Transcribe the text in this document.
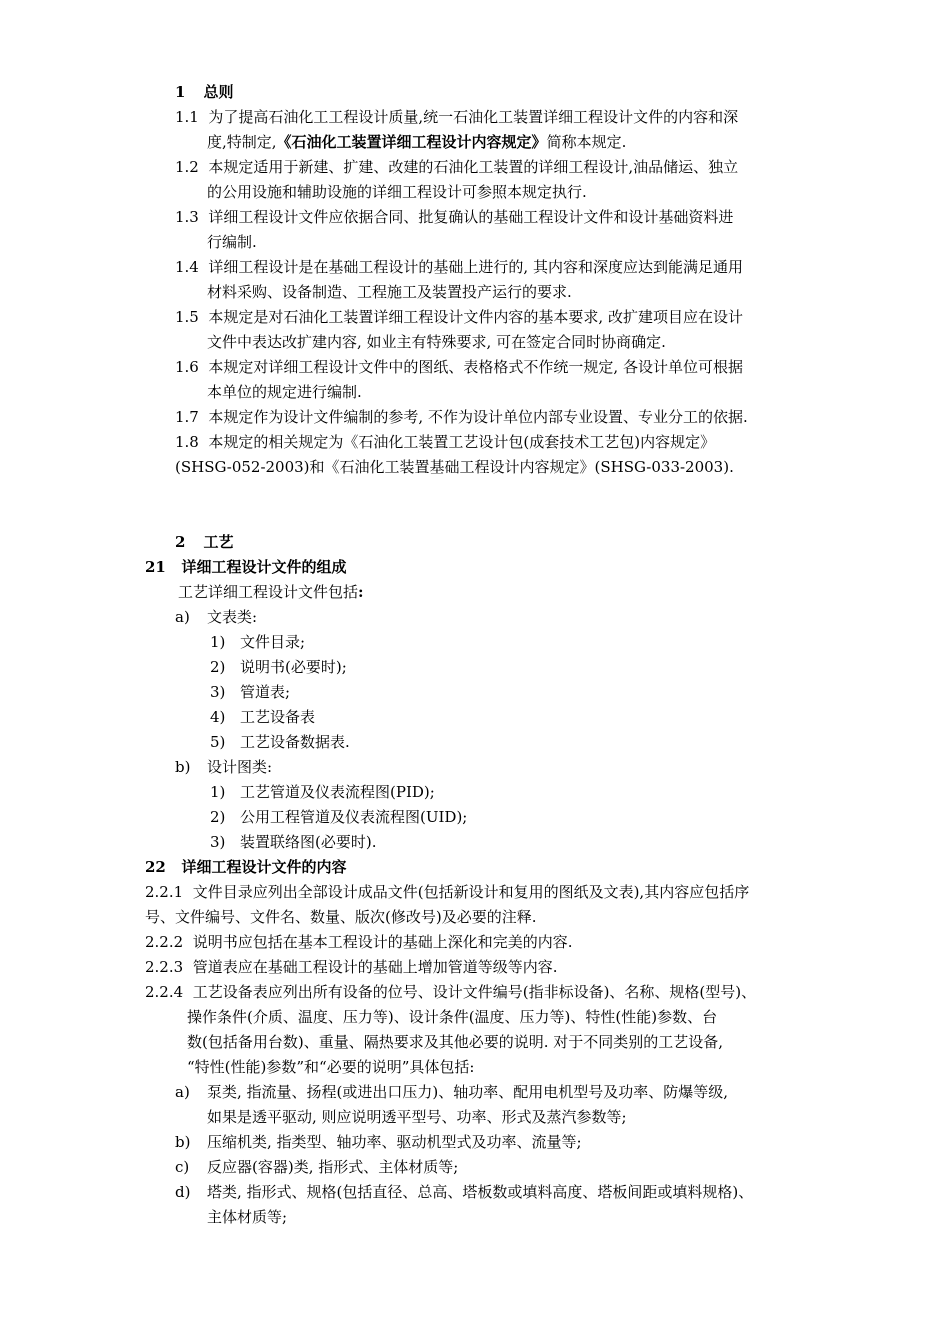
1 总则
1.1 为了提高石油化工工程设计质量,统一石油化工装置详细工程设计文件的内容和深
度,特制定,《石油化工装置详细工程设计内容规定》简称本规定.
1.2 本规定适用于新建、扩建、改建的石油化工装置的详细工程设计,油品储运、独立
的公用设施和辅助设施的详细工程设计可参照本规定执行.
1.3 详细工程设计文件应依据合同、批复确认的基础工程设计文件和设计基础资料进
行编制.
1.4 详细工程设计是在基础工程设计的基础上进行的, 其内容和深度应达到能满足通用
材料采购、设备制造、工程施工及装置投产运行的要求.
1.5 本规定是对石油化工装置详细工程设计文件内容的基本要求, 改扩建项目应在设计
文件中表达改扩建内容, 如业主有特殊要求, 可在签定合同时协商确定.
1.6 本规定对详细工程设计文件中的图纸、表格格式不作统一规定, 各设计单位可根据
本单位的规定进行编制.
1.7 本规定作为设计文件编制的参考, 不作为设计单位内部专业设置、专业分工的依据.
1.8 本规定的相关规定为《石油化工装置工艺设计包(成套技术工艺包)内容规定》
(SHSG-052-2003)和《石油化工装置基础工程设计内容规定》(SHSG-033-2003).
2 工艺
21 详细工程设计文件的组成
工艺详细工程设计文件包括:
a) 文表类:
1) 文件目录;
2) 说明书(必要时);
3) 管道表;
4) 工艺设备表
5) 工艺设备数据表.
b) 设计图类:
1) 工艺管道及仪表流程图(PID);
2) 公用工程管道及仪表流程图(UID);
3) 装置联络图(必要时).
22 详细工程设计文件的内容
2.2.1 文件目录应列出全部设计成品文件(包括新设计和复用的图纸及文表),其内容应包括序
号、文件编号、文件名、数量、版次(修改号)及必要的注释.
2.2.2 说明书应包括在基本工程设计的基础上深化和完美的内容.
2.2.3 管道表应在基础工程设计的基础上增加管道等级等内容.
2.2.4 工艺设备表应列出所有设备的位号、设计文件编号(指非标设备)、名称、规格(型号)、
操作条件(介质、温度、压力等)、设计条件(温度、压力等)、特性(性能)参数、台
数(包括备用台数)、重量、隔热要求及其他必要的说明. 对于不同类别的工艺设备,
“特性(性能)参数”和“必要的说明”具体包括:
a) 泵类, 指流量、扬程(或进出口压力)、轴功率、配用电机型号及功率、防爆等级,
如果是透平驱动, 则应说明透平型号、功率、形式及蒸汽参数等;
b) 压缩机类, 指类型、轴功率、驱动机型式及功率、流量等;
c) 反应器(容器)类, 指形式、主体材质等;
d) 塔类, 指形式、规格(包括直径、总高、塔板数或填料高度、塔板间距或填料规格)、
主体材质等;
